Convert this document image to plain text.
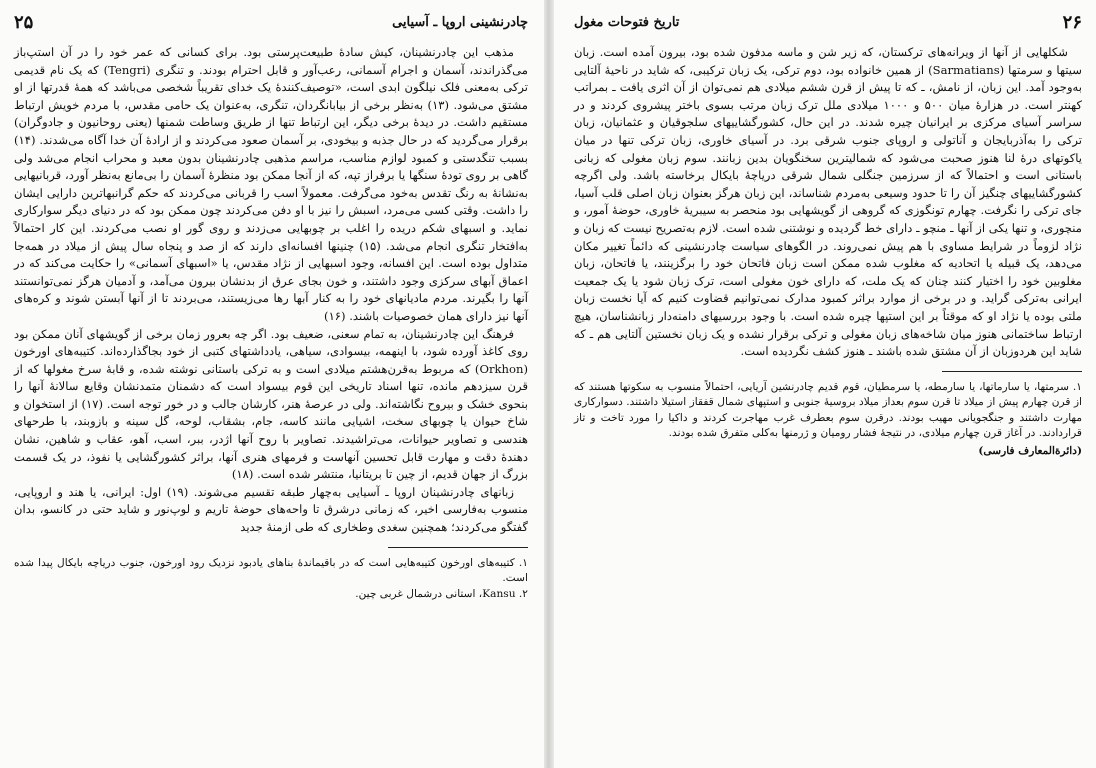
چادرنشینی اروپا ـ آسیایی
۲۵

مذهب این چادرنشینان، کیش سادهٔ طبیعت‌پرستی بود. برای کسانی که عمر خود را در آن استپ‌باز می‌گذراندند، آسمان و اجرام آسمانی، رعب‌آور و قابل احترام بودند. و تنگری (Tengri) که یک نام قدیمی ترکی به‌معنی فلک نیلگون ابدی است، «توصیف‌کنندهٔ یک خدای تقریباً شخصی می‌باشد که همهٔ قدرتها از او مشتق می‌شود. (۱۳) به‌نظر برخی از بیابانگردان، تنگری، به‌عنوان یک حامی مقدس، با مردم خویش ارتباط مستقیم داشت. در دیدهٔ برخی دیگر، این ارتباط تنها از طریق وساطت شمنها (یعنی روحانیون و جادوگران) برقرار می‌گردید که در حال جذبه و بیخودی، بر آسمان صعود می‌کردند و از ارادهٔ آن خدا آگاه می‌شدند. (۱۴) بسبب تنگدستی و کمبود لوازم مناسب، مراسم مذهبی چادرنشینان بدون معبد و محراب انجام می‌شد ولی گاهی بر روی تودهٔ سنگها یا برفراز تپه، که از آنجا ممکن بود منظرهٔ آسمان را بی‌مانع به‌نظر آورد، قربانیهایی به‌نشانهٔ به رنگ تقدس به‌خود می‌گرفت. معمولاً اسب را قربانی می‌کردند که حکم گرانبهاترین دارایی ایشان را داشت. وقتی کسی می‌مرد، اسبش را نیز با او دفن می‌کردند چون ممکن بود که در دنیای دیگر سوارکاری نماید. و اسبهای شکم دریده را اغلب بر چوبهایی می‌زدند و روی گور او نصب می‌کردند. این کار احتمالاً به‌افتخار تنگری انجام می‌شد. (۱۵) چنینها افسانه‌ای دارند که از صد و پنجاه سال پیش از میلاد در همه‌جا متداول بوده است. این افسانه، وجود اسبهایی از نژاد مقدس، یا «اسبهای آسمانی» را حکایت می‌کند که در اعماق آبهای سرکزی وجود داشتند، و خون بجای عرق از بدنشان بیرون می‌آمد، و آدمیان هرگز نمی‌توانستند آنها را بگیرند. مردم مادیانهای خود را به کنار آبها رها می‌زیستند، می‌بردند تا از آنها آبستن شوند و کره‌های آنها نیز دارای همان خصوصیات باشند. (۱۶)

فرهنگ این چادرنشینان، به‌ تمام سعنی، ضعیف بود. اگر چه بعرور زمان برخی از گویشهای آنان ممکن بود روی کاغذ آورده شود، با اینهمه، بیسوادی، سیاهی، یادداشتهای کتبی از خود بجاگذارده‌اند. کتیبه‌های اورخون (Orkhon) که مربوط به‌قرن‌هشتم میلادی است و به ترکی باستانی نوشته شده، و قابهٔ سرخ مغولها که از قرن سیزدهم مانده، تنها اسناد تاریخی این قوم بیسواد است که دشمنان متمدنشان وقایع سالانهٔ آنها را بنحوی خشک و بیروح نگاشته‌اند. ولی در عرصهٔ هنر، کارشان جالب و در خور توجه است. (۱۷) از استخوان و شاخ حیوان یا چوبهای سخت، اشیایی مانند کاسه، جام، بشقاب، لوحه، گل سینه و بازوبند، با طرحهای هندسی و تصاویر حیوانات، می‌تراشیدند. تصاویر با روح آنها اژدر، ببر، اسب، آهو، عقاب و شاهین، نشان دهندهٔ دقت و مهارت قابل تحسین آنهاست و فرمهای هنری آنها، براثر کشورگشایی یا نفوذ، در یک قسمت بزرگ از جهان قدیم، از چین تا بریتانیا، منتشر شده است. (۱۸)

زبانهای چادرنشینان اروپا ـ آسیایی به‌چهار طبقه تقسیم می‌شوند. (۱۹) اول: ایرانی، یا هند و اروپایی، منسوب به‌فارسی اخیر، که زمانی درشرق تا واحه‌های حوضهٔ تاریم و لوپ‌نور و شاید حتی در کانسو، بدان گفتگو می‌کردند؛ همچنین سغدی وطخاری که طی ازمنهٔ جدید

۱. کتیبه‌های اورخون کتیبه‌هایی است که در باقیماندهٔ بناهای یادبود نزدیک رود اورخون، جنوب دریاچه بایکال پیدا شده است.

۲. Kansu، استانی درشمال غربی چین.

۲۶
تاریخ فتوحات مغول

شکلهایی از آنها از ویرانه‌های ترکستان، که زیر شن و ماسه مدفون شده بود، بیرون آمده است. زبان سیتها و سرمتها (Sarmatians) از همین خانواده بود، دوم ترکی، یک زبان ترکیبی، که شاید در ناحیهٔ آلتایی به‌وجود آمد. این زبان، از نامش، ـ که تا پیش از قرن ششم میلادی هم نمی‌توان از آن اثری یافت ـ بمراتب کهنتر است. در هزارهٔ میان ۵۰۰ و ۱۰۰۰ میلادی ملل ترک زبان مرتب بسوی باختر پیشروی کردند و در سراسر آسیای مرکزی بر ایرانیان چیره شدند. در این حال، کشورگشاییهای سلجوقیان و عثمانیان، زبان ترکی را به‌آذربایجان و آناتولی و اروپای جنوب شرقی برد. در آسیای خاوری، زبان ترکی تنها در میان یاکوتهای درهٔ لنا هنوز صحبت می‌شود که شمالیترین سخنگویان بدین زبانند. سوم زبان مغولی که زبانی باستانی است و احتمالاً که از سرزمین جنگلی شمال شرقی دریاچهٔ بایکال برخاسته باشد. ولی اگرچه کشورگشاییهای چنگیز آن را تا حدود وسیعی به‌مردم شناساند، این زبان هرگز بعنوان زبان اصلی قلب آسیا، جای ترکی را نگرفت. چهارم تونگوزی که گروهی از گویشهایی بود منحصر به سیبریهٔ خاوری، حوضهٔ آمور، و منچوری، و تنها یکی از آنها ـ منچو ـ دارای خط گردیده و نوشتنی شده است. لازم به‌تصریح نیست که زبان و نژاد لزوماً در شرایط مساوی با هم پیش نمی‌روند. در الگوهای سیاست چادرنشینی که دائماً تغییر مکان می‌دهد، یک قبیله یا اتحادیه که مغلوب شده ممکن است زبان فاتحان خود را برگزینند، یا فاتحان، زبان مغلوبین خود را اختیار کنند چنان که یک ملت، که دارای خون مغولی است، ترک زبان شود یا یک جمعیت ایرانی به‌ترکی گراید. و در برخی از موارد براثر کمبود مدارک نمی‌توانیم قضاوت کنیم که آیا نخست زبان ملتی بوده یا نژاد او که موقتاً بر این استپها چیره شده است. با وجود بررسیهای دامنه‌دار زبانشناسان، هیچ ارتباط ساختمانی هنوز میان شاخه‌های زبان مغولی و ترکی برقرار نشده و یک زبان نخستین آلتایی هم ـ که شاید این هردوزبان از آن مشتق شده باشند ـ هنوز کشف نگردیده است.

۱. سرمتها، یا سارماتها، یا سارمطه، یا سرمطیان، قوم قدیم چادرنشین آریایی، احتمالاً منسوب به سکوتها هستند که از قرن چهارم پیش از میلاد تا قرن سوم بعداز میلاد بروسیهٔ جنوبی و استپهای شمال قفقاز استیلا داشتند. دسوارکاری مهارت داشتند و جنگجویانی مهیب بودند. درقرن سوم بعطرف غرب مهاجرت کردند و داکیا را مورد تاخت و تاز قراردادند. در آغاز قرن چهارم میلادی، در نتیجهٔ فشار رومیان و ژرمنها به‌کلی متفرق شده بودند.

(دائرة‌المعارف فارسی)
